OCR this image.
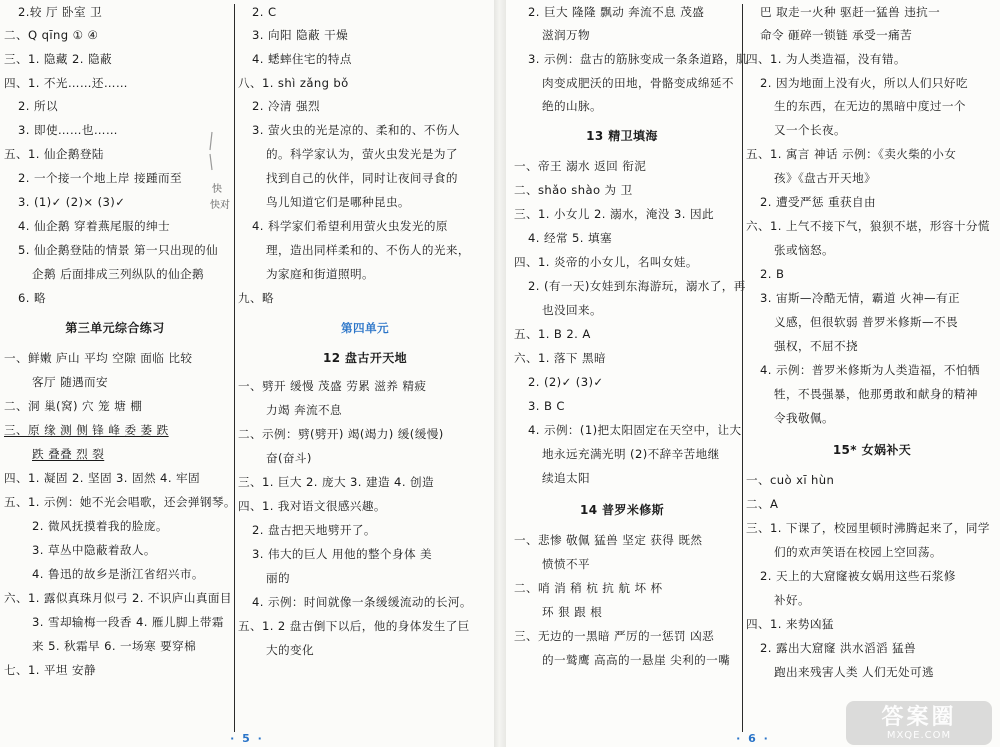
2.较 厅 卧室 卫
二、Q qīng ① ④
三、1. 隐藏 2. 隐蔽
四、1. 不光……还……
2. 所以
3. 即使……也……
五、1. 仙企鹅登陆
2. 一个接一个地上岸 接踵而至
3. (1)✓ (2)× (3)✓
4. 仙企鹅 穿着燕尾服的绅士
5. 仙企鹅登陆的情景 第一只出现的仙
企鹅 后面排成三列纵队的仙企鹅
6. 略
第三单元综合练习
一、鲜嫩 庐山 平均 空隙 面临 比较
客厅 随遇而安
二、洞 巢(窝) 穴 笼 塘 棚
三、原 缘 测 侧 锋 峰 委 萎 跌
跌 叠叠 烈 裂
四、1. 凝固 2. 坚固 3. 固然 4. 牢固
五、1. 示例：她不光会唱歌，还会弹钢琴。
2. 微风抚摸着我的脸庞。
3. 草丛中隐蔽着敌人。
4. 鲁迅的故乡是浙江省绍兴市。
六、1. 露似真珠月似弓 2. 不识庐山真面目
3. 雪却输梅一段香 4. 雁儿脚上带霜
来 5. 秋霜早 6. 一场寒 要穿棉
七、1. 平坦 安静
2. C
3. 向阳 隐蔽 干燥
4. 蟋蟀住宅的特点
八、1. shì zǎng bǒ
2. 冷清 强烈
3. 萤火虫的光是凉的、柔和的、不伤人
的。科学家认为，萤火虫发光是为了
找到自己的伙伴，同时让夜间寻食的
鸟儿知道它们是哪种昆虫。
4. 科学家们希望利用萤火虫发光的原
理，造出同样柔和的、不伤人的光来，
为家庭和街道照明。
九、略
第四单元
12 盘古开天地
一、劈开 缓慢 茂盛 劳累 滋养 精疲
力竭 奔流不息
二、示例：劈(劈开) 竭(竭力) 缓(缓慢)
奋(奋斗)
三、1. 巨大 2. 庞大 3. 建造 4. 创造
四、1. 我对语文很感兴趣。
2. 盘古把天地劈开了。
3. 伟大的巨人 用他的整个身体 美
丽的
4. 示例：时间就像一条缓缓流动的长河。
五、1. 2 盘古倒下以后，他的身体发生了巨
大的变化
快
快对
· 5 ·
2. 巨大 隆隆 飘动 奔流不息 茂盛
滋润万物
3. 示例：盘古的筋脉变成一条条道路，肌
肉变成肥沃的田地，骨骼变成绵延不
绝的山脉。
13 精卫填海
一、帝王 溺水 返回 衔泥
二、shǎo shào 为 卫
三、1. 小女儿 2. 溺水，淹没 3. 因此
4. 经常 5. 填塞
四、1. 炎帝的小女儿，名叫女娃。
2. (有一天)女娃到东海游玩，溺水了，再
也没回来。
五、1. B 2. A
六、1. 落下 黑暗
2. (2)✓ (3)✓
3. B C
4. 示例：(1)把太阳固定在天空中，让大
地永远充满光明 (2)不辞辛苦地继
续追太阳
14 普罗米修斯
一、悲惨 敬佩 猛兽 坚定 获得 既然
愤愤不平
二、哨 消 稍 杭 抗 航 坏 杯
环 狠 跟 根
三、无边的一黑暗 严厉的一惩罚 凶恶
的一鹫鹰 高高的一悬崖 尖利的一嘴
巴 取走一火种 驱赶一猛兽 违抗一
命令 砸碎一锁链 承受一痛苦
四、1. 为人类造福，没有错。
2. 因为地面上没有火，所以人们只好吃
生的东西，在无边的黑暗中度过一个
又一个长夜。
五、1. 寓言 神话 示例：《卖火柴的小女
孩》《盘古开天地》
2. 遭受严惩 重获自由
六、1. 上气不接下气，狼狈不堪，形容十分慌
张或恼怒。
2. B
3. 宙斯—冷酷无情，霸道 火神—有正
义感，但很软弱 普罗米修斯—不畏
强权，不屈不挠
4. 示例：普罗米修斯为人类造福，不怕牺
牲，不畏强暴，他那勇敢和献身的精神
令我敬佩。
15* 女娲补天
一、cuò xī hùn
二、A
三、1. 下课了，校园里顿时沸腾起来了，同学
们的欢声笑语在校园上空回荡。
2. 天上的大窟窿被女娲用这些石浆修
补好。
四、1. 来势凶猛
2. 露出大窟窿 洪水滔滔 猛兽
跑出来残害人类 人们无处可逃
答案圈
MXQE.COM
· 6 ·
